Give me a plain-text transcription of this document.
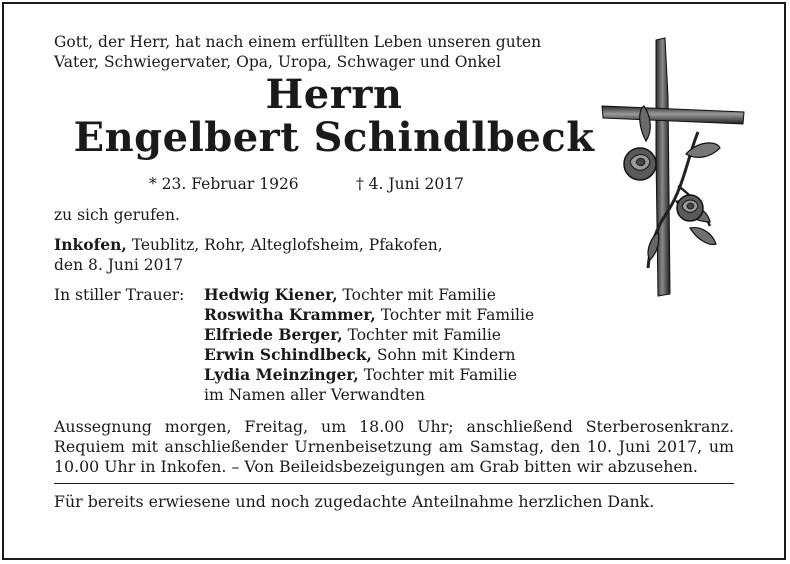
Gott, der Herr, hat nach einem erfüllten Leben unseren guten
Vater, Schwiegervater, Opa, Uropa, Schwager und Onkel
Herrn
Engelbert Schindlbeck
* 23. Februar 1926	† 4. Juni 2017
zu sich gerufen.
Inkofen, Teublitz, Rohr, Alteglofsheim, Pfakofen,
den 8. Juni 2017
In stiller Trauer: Hedwig Kiener, Tochter mit Familie
Roswitha Krammer, Tochter mit Familie
Elfriede Berger, Tochter mit Familie
Erwin Schindlbeck, Sohn mit Kindern
Lydia Meinzinger, Tochter mit Familie
im Namen aller Verwandten
Aussegnung morgen, Freitag, um 18.00 Uhr; anschließend Sterberosenkranz. Requiem mit anschließender Urnenbeisetzung am Samstag, den 10. Juni 2017, um 10.00 Uhr in Inkofen. – Von Beileidsbezeigungen am Grab bitten wir abzusehen.
Für bereits erwiesene und noch zugedachte Anteilnahme herzlichen Dank.
